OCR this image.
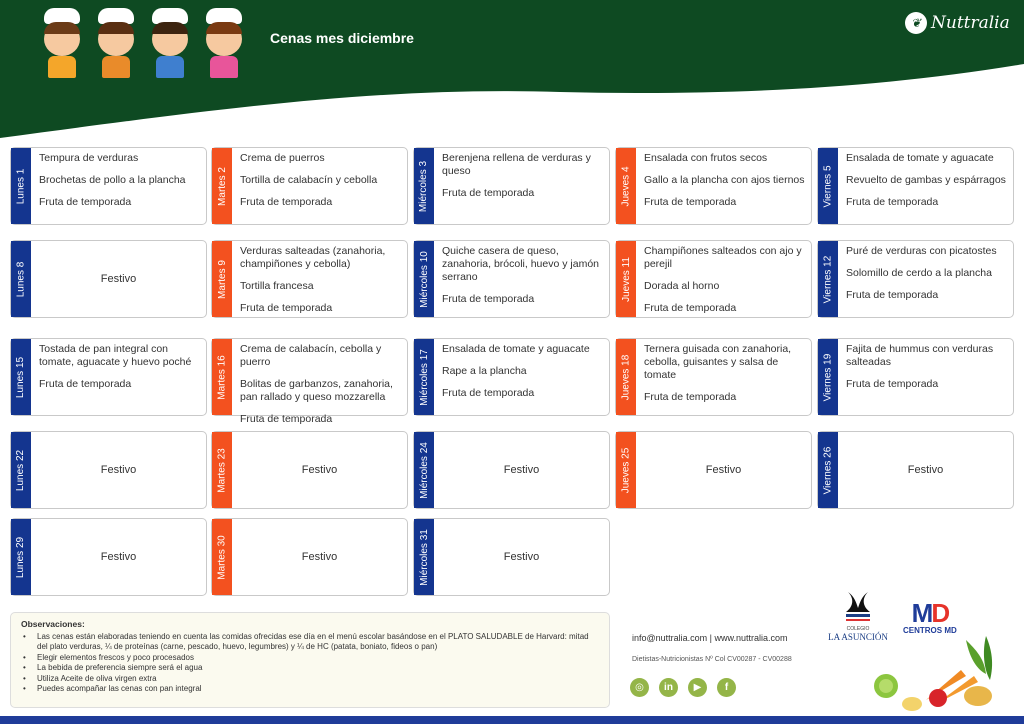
Cenas mes diciembre
❦ Nuttralia
Lunes 1
Tempura de verduras
Brochetas de pollo a la plancha
Fruta de temporada	Martes 2
Crema de puerros
Tortilla de calabacín y cebolla
Fruta de temporada	Miércoles 3
Berenjena rellena de verduras y queso
Fruta de temporada	Jueves 4
Ensalada con frutos secos
Gallo a la plancha con ajos tiernos
Fruta de temporada	Viernes 5
Ensalada de tomate y aguacate
Revuelto de gambas y espárragos
Fruta de temporada
Lunes 8	Festivo	Martes 9
Verduras salteadas (zanahoria, champiñones y cebolla)
Tortilla francesa
Fruta de temporada
Miércoles 10 Quiche casera de queso, zanahoria, brócoli, huevo y jamón serrano
Fruta de temporada	Jueves 11
Champiñones salteados con ajo y perejil
Dorada al horno
Fruta de temporada
Viernes 12
Puré de verduras con picatostes
Solomillo de cerdo a la plancha
Fruta de temporada
Lunes 15
Tostada de pan integral con tomate, aguacate y huevo poché
Fruta de temporada	Martes 16
Crema de calabacín, cebolla y puerro
Bolitas de garbanzos, zanahoria, pan rallado y queso mozzarella
Fruta de temporada
Miércoles 17 Ensalada de tomate y aguacate
Rape a la plancha
Fruta de temporada	Jueves 18
Ternera guisada con zanahoria, cebolla, guisantes y salsa de tomate
Fruta de temporada	Viernes 19
Fajita de hummus con verduras salteadas
Fruta de temporada
Lunes 22	Festivo	Martes 23	Festivo	Miércoles 24	Festivo	Jueves 25	Festivo	Viernes 26	Festivo
Lunes 29	Festivo	Martes 30	Festivo	Miércoles 31	Festivo
Observaciones:
• Las cenas están elaboradas teniendo en cuenta las comidas ofrecidas ese día en el menú escolar basándose en el PLATO SALUDABLE de Harvard: mitad del plato verduras, ¼ de proteínas (carne, pescado, huevo, legumbres) y ¼ de HC (patata, boniato, fideos o pan)
• Elegir elementos frescos y poco procesados
• La bebida de preferencia siempre será el agua
• Utiliza Aceite de oliva virgen extra
• Puedes acompañar las cenas con pan integral
info@nuttralia.com | www.nuttralia.com
Dietistas-Nutricionistas Nº Col CV00287 - CV00288
◎	in	▶	f
COLEGIO
LA ASUNCIÓN
MD
CENTROS MD
